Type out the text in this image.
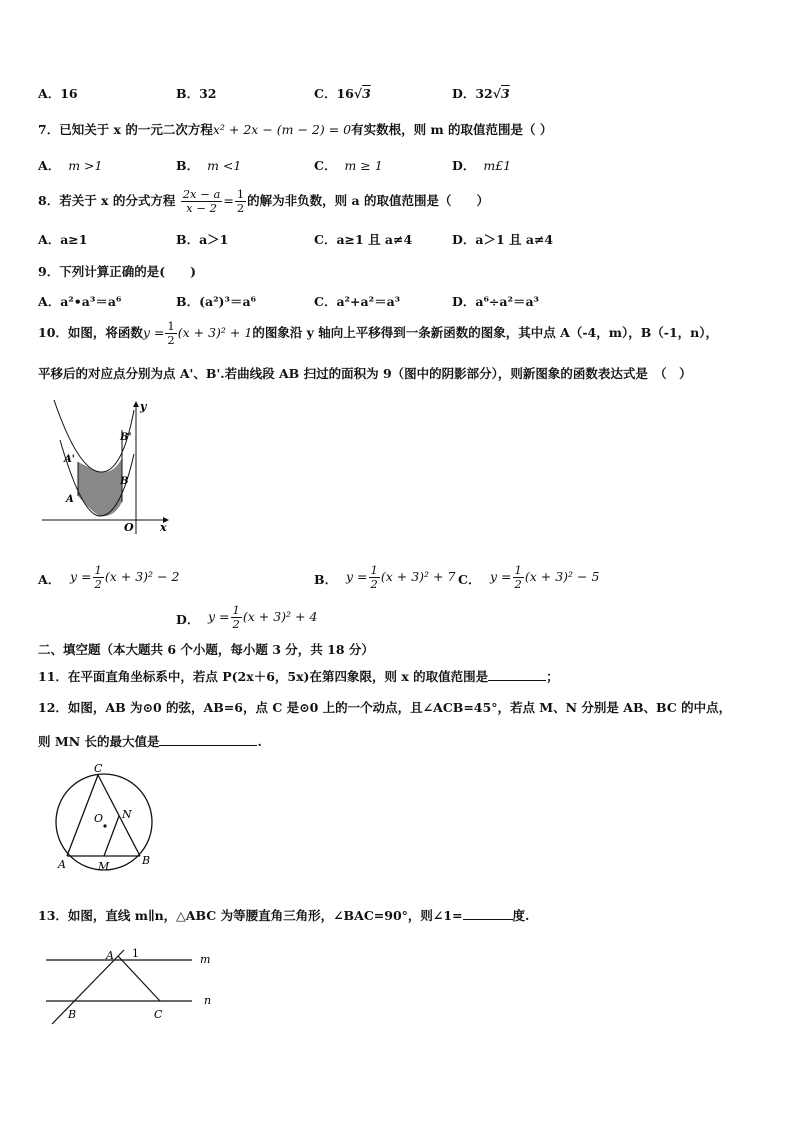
A．16	B．32	C．16√3	D．32√3
7．已知关于 x 的一元二次方程x² + 2x − (m − 2) = 0有实数根，则 m 的取值范围是（ ）
A． m >1	B． m <1	C． m ≥ 1	D． m£1
8．若关于 x 的分式方程 $\frac{2x - a}{x - 2} = \frac{1}{2}$ 的解为非负数，则 a 的取值范围是（　　）
A．a≥1	B．a＞1	C．a≥1 且 a≠4	D．a＞1 且 a≠4
9．下列计算正确的是(　　)
A．a²•a³＝a⁶	B．(a²)³＝a⁶	C．a²+a²＝a³	D．a⁶÷a²＝a³
10．如图，将函数$y = \frac{1}{2} (x + 3)^2 + 1$的图象沿 y 轴向上平移得到一条新函数的图象，其中点 A（-4，m），B（-1，n），
平移后的对应点分别为点 A'、B'.若曲线段 AB 扫过的面积为 9（图中的阴影部分），则新图象的函数表达式是　（　）
y
x
O
A'
A
B'
B
A． $y = \frac{1}{2} (x + 3)^2 - 2$	B． $y = \frac{1}{2} (x + 3)^2 + 7$ C． $y = \frac{1}{2} (x + 3)^2 - 5$
D． $y = \frac{1}{2} (x + 3)^2 + 4$
二、填空题（本大题共 6 个小题，每小题 3 分，共 18 分）
11．在平面直角坐标系中，若点 P(2x＋6，5x)在第四象限，则 x 的取值范围是	；
12．如图，AB 为⊙0 的弦，AB=6，点 C 是⊙0 上的一个动点，且∠ACB=45°，若点 M、N 分别是 AB、BC 的中点，
则 MN 长的最大值是	.
C
O N
A	M	B
13．如图，直线 m∥n，△ABC 为等腰直角三角形，∠BAC=90°，则∠1=	度.
A 1	m
n
B	C
